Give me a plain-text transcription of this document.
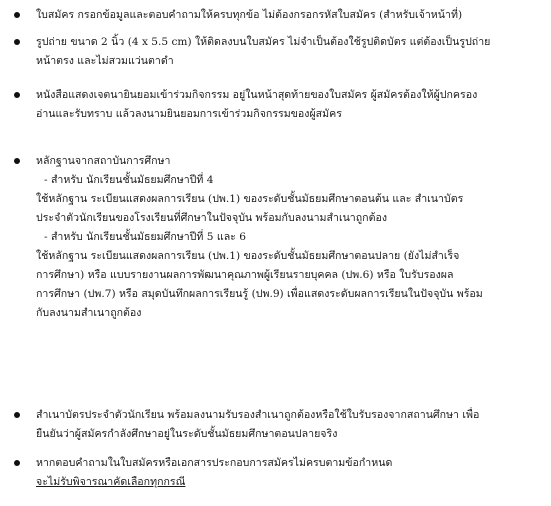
ใบสมัคร กรอกข้อมูลและตอบคำถามให้ครบทุกข้อ ไม่ต้องกรอกรหัสใบสมัคร (สำหรับเจ้าหน้าที่)
รูปถ่าย ขนาด 2 นิ้ว (4 x 5.5 cm) ให้ติดลงบนใบสมัคร ไม่จำเป็นต้องใช้รูปติดบัตร แต่ต้องเป็นรูปถ่าย
หน้าตรง และไม่สวมแว่นตาดำ
หนังสือแสดงเจตนายินยอมเข้าร่วมกิจกรรม อยู่ในหน้าสุดท้ายของใบสมัคร ผู้สมัครต้องให้ผู้ปกครอง
อ่านและรับทราบ แล้วลงนามยินยอมการเข้าร่วมกิจกรรมของผู้สมัคร
หลักฐานจากสถาบันการศึกษา
- สำหรับ นักเรียนชั้นมัธยมศึกษาปีที่ 4
ใช้หลักฐาน ระเบียนแสดงผลการเรียน (ปพ.1) ของระดับชั้นมัธยมศึกษาตอนต้น และ สำเนาบัตร
ประจำตัวนักเรียนของโรงเรียนที่ศึกษาในปัจจุบัน พร้อมกับลงนามสำเนาถูกต้อง
- สำหรับ นักเรียนชั้นมัธยมศึกษาปีที่ 5 และ 6
ใช้หลักฐาน ระเบียนแสดงผลการเรียน (ปพ.1) ของระดับชั้นมัธยมศึกษาตอนปลาย (ยังไม่สำเร็จ
การศึกษา) หรือ แบบรายงานผลการพัฒนาคุณภาพผู้เรียนรายบุคคล (ปพ.6) หรือ ใบรับรองผล
การศึกษา (ปพ.7) หรือ สมุดบันทึกผลการเรียนรู้ (ปพ.9) เพื่อแสดงระดับผลการเรียนในปัจจุบัน พร้อม
กับลงนามสำเนาถูกต้อง
สำเนาบัตรประจำตัวนักเรียน พร้อมลงนามรับรองสำเนาถูกต้องหรือใช้ใบรับรองจากสถานศึกษา เพื่อ
ยืนยันว่าผู้สมัครกำลังศึกษาอยู่ในระดับชั้นมัธยมศึกษาตอนปลายจริง
หากตอบคำถามในใบสมัครหรือเอกสารประกอบการสมัครไม่ครบตามข้อกำหนด
จะไม่รับพิจารณาคัดเลือกทุกกรณี
